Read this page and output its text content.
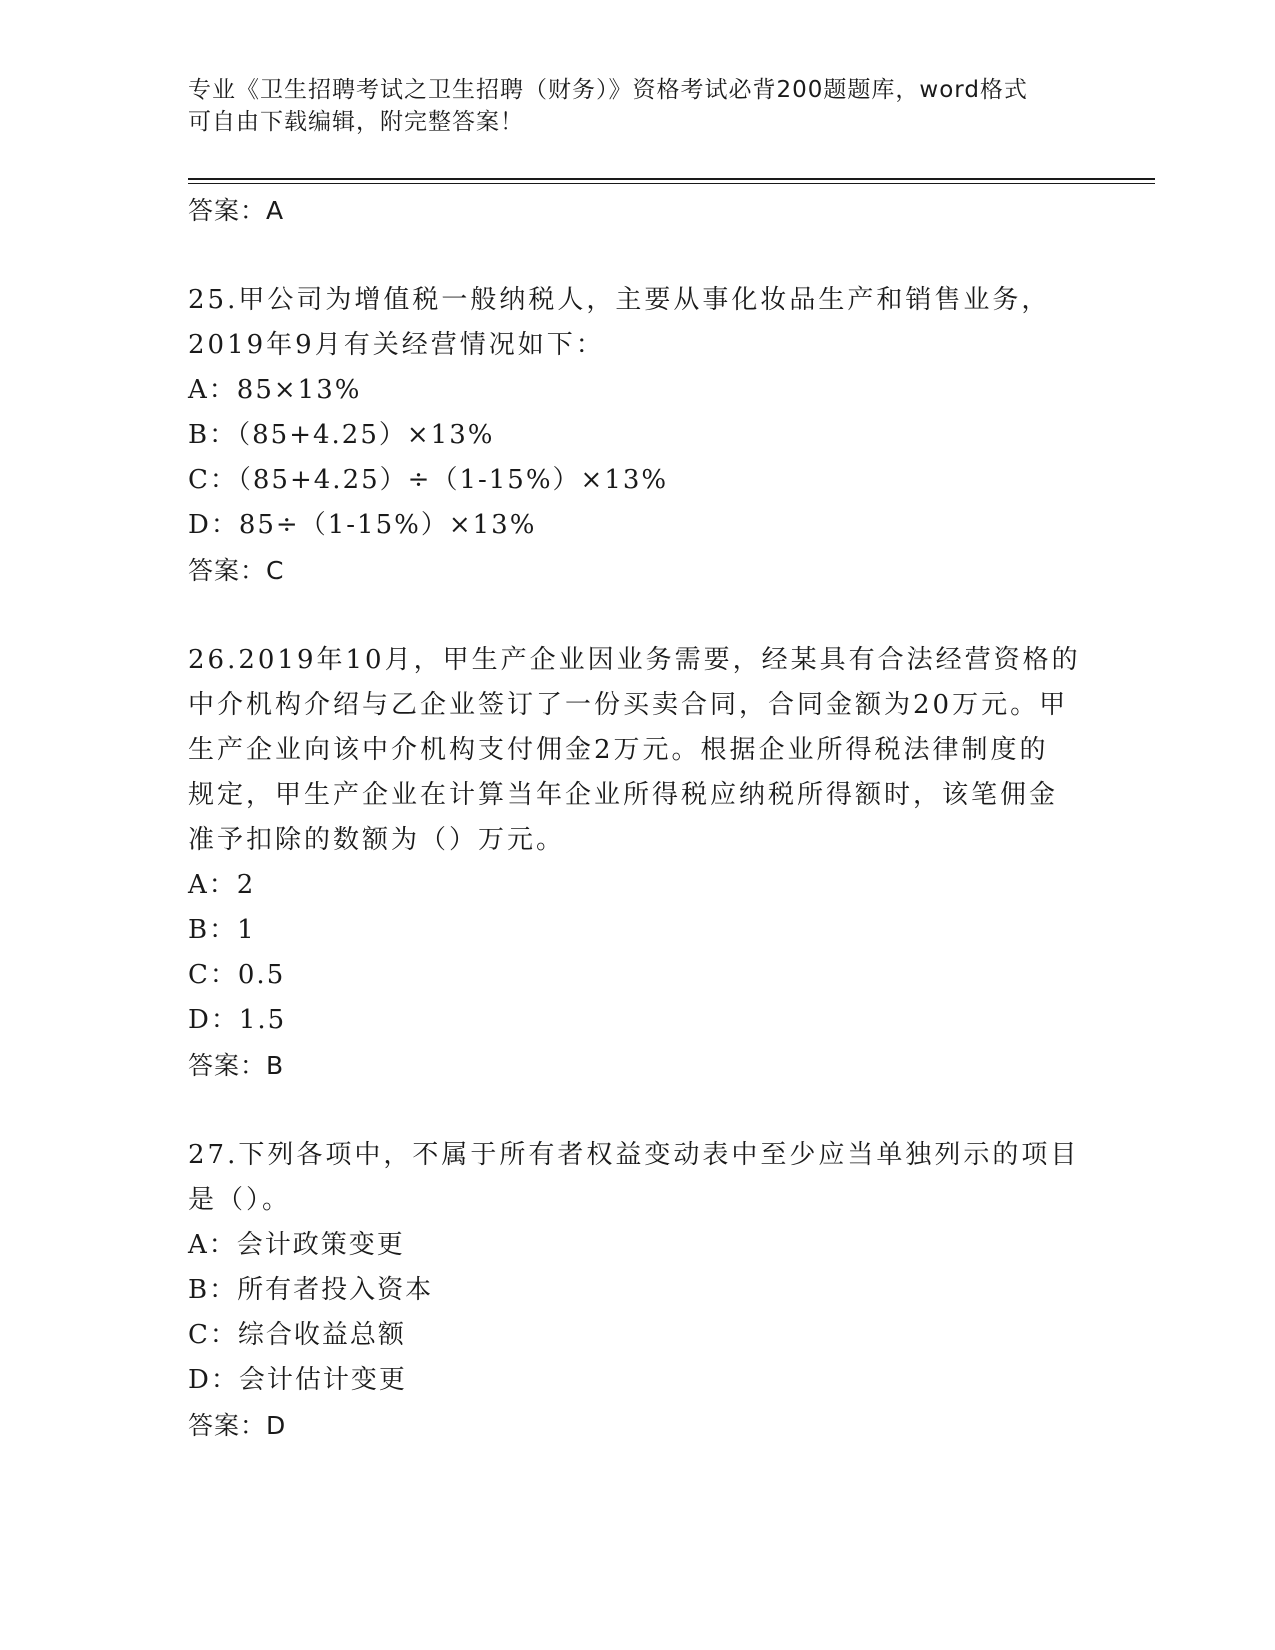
专业《卫生招聘考试之卫生招聘（财务）》资格考试必背200题题库，word格式
可自由下载编辑，附完整答案！

答案：A

25.甲公司为增值税一般纳税人，主要从事化妆品生产和销售业务，

2019年9月有关经营情况如下：

A：85×13%

B：（85+4.25）×13%

C：（85+4.25）÷（1-15%）×13%

D：85÷（1-15%）×13%

答案：C

26.2019年10月，甲生产企业因业务需要，经某具有合法经营资格的

中介机构介绍与乙企业签订了一份买卖合同，合同金额为20万元。甲

生产企业向该中介机构支付佣金2万元。根据企业所得税法律制度的

规定，甲生产企业在计算当年企业所得税应纳税所得额时，该笔佣金

准予扣除的数额为（）万元。

A：2

B：1

C：0.5

D：1.5

答案：B

27.下列各项中，不属于所有者权益变动表中至少应当单独列示的项目

是（）。

A：会计政策变更

B：所有者投入资本

C：综合收益总额

D：会计估计变更

答案：D
